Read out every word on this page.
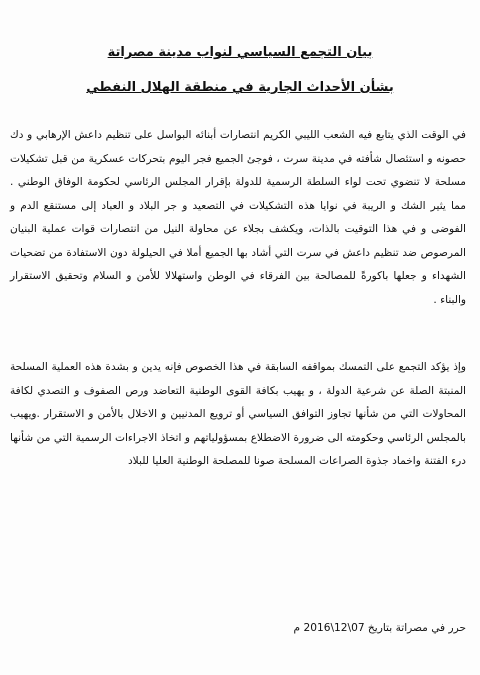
بيان التجمع السياسي لنواب مدينة مصراتة
بشأن الأحداث الجارية في منطقة الهلال النفطي
في الوقت الذي يتابع فيه الشعب الليبي الكريم انتصارات أبنائه البواسل على تنظيم داعش الإرهابي و دك حصونه و استئصال شأفته في مدينة سرت ، فوجئ الجميع فجر اليوم بتحركات عسكرية من قبل تشكيلات مسلحة لا تنضوي تحت لواء السلطة الرسمية للدولة بإقرار المجلس الرئاسي لحكومة الوفاق الوطني . مما يثير الشك و الريبة في نوايا هذه التشكيلات في التصعيد و جر البلاد و العباد إلى مستنقع الدم و الفوضى و في هذا التوقيت بالذات، ويكشف بجلاء عن محاولة النيل من انتصارات قوات عملية البنيان المرصوص ضد تنظيم داعش في سرت التي أشاد بها الجميع أملا في الحيلولة دون الاستفادة من تضحيات الشهداء و جعلها باكورةً للمصالحة بين الفرقاء في الوطن واستهلالا للأمن و السلام وتحقيق الاستقرار والبناء .
وإذ يؤكد التجمع على التمسك بمواقفه السابقة في هذا الخصوص فإنه يدين و بشدة هذه العملية المسلحة المنبتة الصلة عن شرعية الدولة ، و يهيب بكافة القوى الوطنية التعاضد ورص الصفوف و التصدي لكافة المحاولات التي من شأنها تجاوز التوافق السياسي أو ترويع المدنيين و الاخلال بالأمن و الاستقرار .ويهيب بالمجلس الرئاسي وحكومته الى ضرورة الاضطلاع بمسؤولياتهم و اتخاذ الاجراءات الرسمية التي من شأنها درء الفتنة واخماد جذوة الصراعات المسلحة صونا للمصلحة الوطنية العليا للبلاد
حرر في مصراتة بتاريخ 07\12\2016 م
